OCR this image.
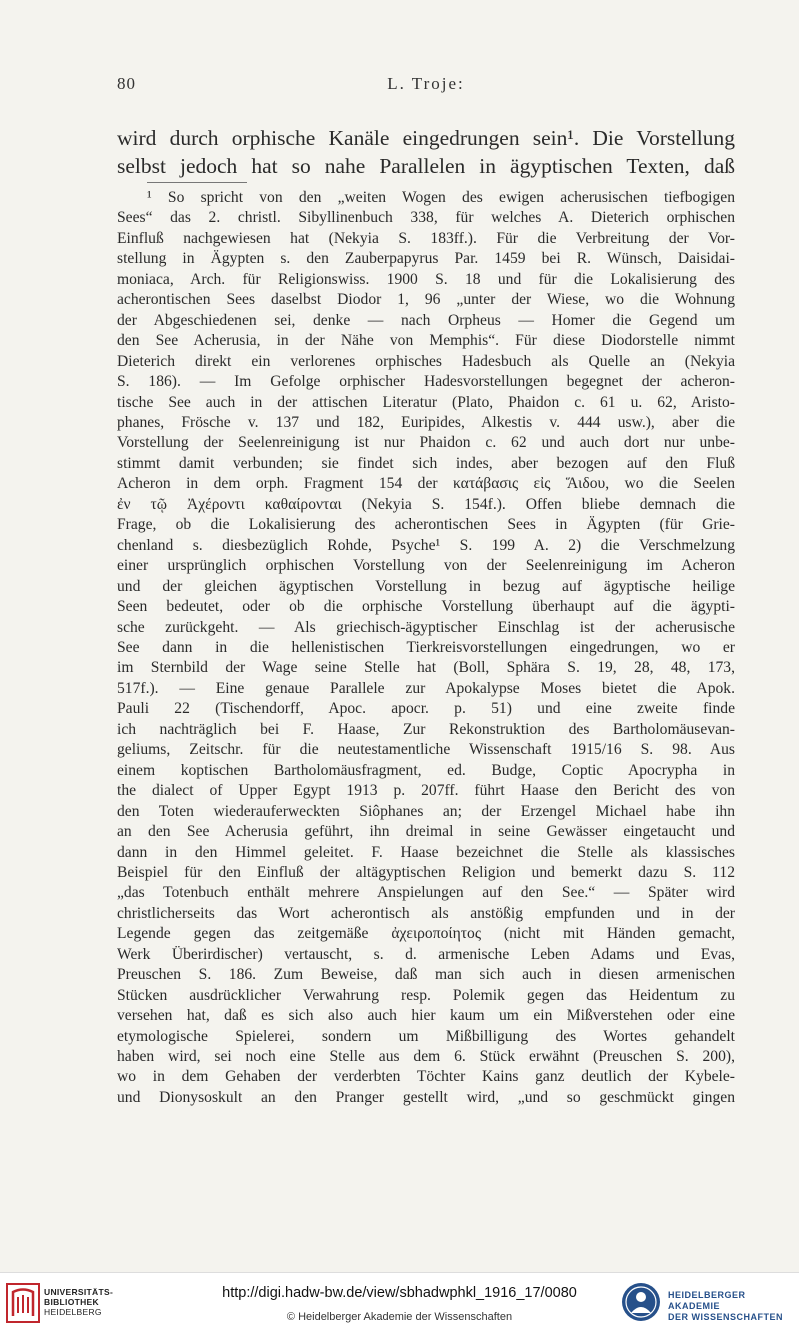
80	L. Troje:
wird durch orphische Kanäle eingedrungen sein¹. Die Vorstellung
selbst jedoch hat so nahe Parallelen in ägyptischen Texten, daß
¹ So spricht von den „weiten Wogen des ewigen acherusischen tiefbogigen
Sees“ das 2. christl. Sibyllinenbuch 338, für welches A. Dieterich orphischen
Einfluß nachgewiesen hat (Nekyia S. 183ff.). Für die Verbreitung der Vor-
stellung in Ägypten s. den Zauberpapyrus Par. 1459 bei R. Wünsch, Daisidai-
moniaca, Arch. für Religionswiss. 1900 S. 18 und für die Lokalisierung des
acherontischen Sees daselbst Diodor 1, 96 „unter der Wiese, wo die Wohnung
der Abgeschiedenen sei, denke — nach Orpheus — Homer die Gegend um
den See Acherusia, in der Nähe von Memphis“. Für diese Diodorstelle nimmt
Dieterich direkt ein verlorenes orphisches Hadesbuch als Quelle an (Nekyia
S. 186). — Im Gefolge orphischer Hadesvorstellungen begegnet der acheron-
tische See auch in der attischen Literatur (Plato, Phaidon c. 61 u. 62, Aristo-
phanes, Frösche v. 137 und 182, Euripides, Alkestis v. 444 usw.), aber die
Vorstellung der Seelenreinigung ist nur Phaidon c. 62 und auch dort nur unbe-
stimmt damit verbunden; sie findet sich indes, aber bezogen auf den Fluß
Acheron in dem orph. Fragment 154 der κατάβασις εἰς Ἅιδου, wo die Seelen
ἐν τῷ Ἀχέροντι καθαίρονται (Nekyia S. 154f.). Offen bliebe demnach die
Frage, ob die Lokalisierung des acherontischen Sees in Ägypten (für Grie-
chenland s. diesbezüglich Rohde, Psyche¹ S. 199 A. 2) die Verschmelzung
einer ursprünglich orphischen Vorstellung von der Seelenreinigung im Acheron
und der gleichen ägyptischen Vorstellung in bezug auf ägyptische heilige
Seen bedeutet, oder ob die orphische Vorstellung überhaupt auf die ägypti-
sche zurückgeht. — Als griechisch-ägyptischer Einschlag ist der acherusische
See dann in die hellenistischen Tierkreisvorstellungen eingedrungen, wo er
im Sternbild der Wage seine Stelle hat (Boll, Sphära S. 19, 28, 48, 173,
517f.). — Eine genaue Parallele zur Apokalypse Moses bietet die Apok.
Pauli 22 (Tischendorff, Apoc. apocr. p. 51) und eine zweite finde
ich nachträglich bei F. Haase, Zur Rekonstruktion des Bartholomäusevan-
geliums, Zeitschr. für die neutestamentliche Wissenschaft 1915/16 S. 98. Aus
einem koptischen Bartholomäusfragment, ed. Budge, Coptic Apocrypha in
the dialect of Upper Egypt 1913 p. 207ff. führt Haase den Bericht des von
den Toten wiederauferweckten Siôphanes an; der Erzengel Michael habe ihn
an den See Acherusia geführt, ihn dreimal in seine Gewässer eingetaucht und
dann in den Himmel geleitet. F. Haase bezeichnet die Stelle als klassisches
Beispiel für den Einfluß der altägyptischen Religion und bemerkt dazu S. 112
„das Totenbuch enthält mehrere Anspielungen auf den See.“ — Später wird
christlicherseits das Wort acherontisch als anstößig empfunden und in der
Legende gegen das zeitgemäße ἀχειροποίητος (nicht mit Händen gemacht,
Werk Überirdischer) vertauscht, s. d. armenische Leben Adams und Evas,
Preuschen S. 186. Zum Beweise, daß man sich auch in diesen armenischen
Stücken ausdrücklicher Verwahrung resp. Polemik gegen das Heidentum zu
versehen hat, daß es sich also auch hier kaum um ein Mißverstehen oder eine
etymologische Spielerei, sondern um Mißbilligung des Wortes gehandelt
haben wird, sei noch eine Stelle aus dem 6. Stück erwähnt (Preuschen S. 200),
wo in dem Gehaben der verderbten Töchter Kains ganz deutlich der Kybele-
und Dionysoskult an den Pranger gestellt wird, „und so geschmückt gingen
UNIVERSITÄTS-
BIBLIOTHEK
HEIDELBERG
http://digi.hadw-bw.de/view/sbhadwphkl_1916_17/0080
© Heidelberger Akademie der Wissenschaften
HEIDELBERGER AKADEMIE
DER WISSENSCHAFTEN
